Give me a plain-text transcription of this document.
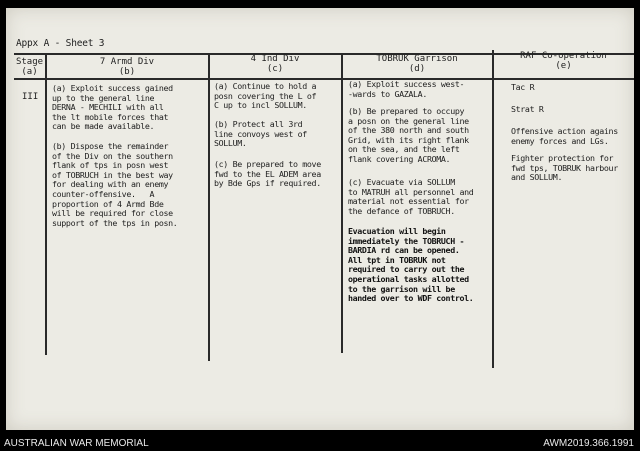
Appx A - Sheet 3
Stage
(a)
7 Armd Div
(b)
4 Ind Div
(c)
TOBRUK Garrison
(d)
RAF Co-operation
(e)
III
(a) Exploit success gained
up to the general line
DERNA - MECHILI with all
the lt mobile forces that
can be made available.
(b) Dispose the remainder
of the Div on the southern
flank of tps in posn west
of TOBRUCH in the best way
for dealing with an enemy
counter-offensive.   A
proportion of 4 Armd Bde
will be required for close
support of the tps in posn.
(a) Continue to hold a
posn covering the L of
C up to incl SOLLUM.
(b) Protect all 3rd
line convoys west of
SOLLUM.
(c) Be prepared to move
fwd to the EL ADEM area
by Bde Gps if required.
(a) Exploit success west-
-wards to GAZALA.
(b) Be prepared to occupy
a posn on the general line
of the 380 north and south
Grid, with its right flank
on the sea, and the left
flank covering ACROMA.
(c) Evacuate via SOLLUM
to MATRUH all personnel and
material not essential for
the defance of TOBRUCH.
Evacuation will begin
immediately the TOBRUCH -
BARDIA rd can be opened.
All tpt in TOBRUK not
required to carry out the
operational tasks allotted
to the garrison will be
handed over to WDF control.
Tac R
Strat R
Offensive action agains
enemy forces and LGs.
Fighter protection for
fwd tps, TOBRUK harbour
and SOLLUM.
AUSTRALIAN WAR MEMORIAL	AWM2019.366.1991
